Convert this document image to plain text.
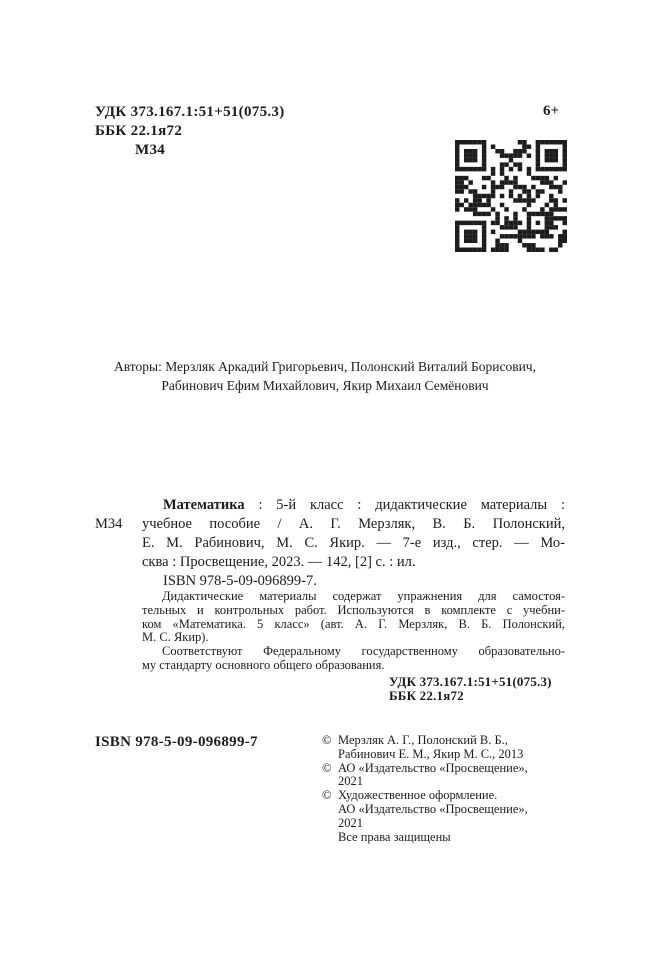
УДК 373.167.1:51+51(075.3)
ББК 22.1я72
М34
6+
Авторы: Мерзляк Аркадий Григорьевич, Полонский Виталий Борисович,
Рабинович Ефим Михайлович, Якир Михаил Семёнович
М34
Математика : 5-й класс : дидактические материалы :
учебное пособие / А. Г. Мерзляк, В. Б. Полонский,
Е. М. Рабинович, М. С. Якир. — 7-е изд., стер. — Мо-
сква : Просвещение, 2023. — 142, [2] с. : ил.
ISBN 978-5-09-096899-7.
Дидактические материалы содержат упражнения для самостоя-
тельных и контрольных работ. Используются в комплекте с учебни-
ком «Математика. 5 класс» (авт. А. Г. Мерзляк, В. Б. Полонский,
М. С. Якир).
Соответствуют Федеральному государственному образовательно-
му стандарту основного общего образования.
УДК 373.167.1:51+51(075.3)
ББК 22.1я72
ISBN 978-5-09-096899-7	© Мерзляк А. Г., Полонский В. Б.,
Рабинович Е. М., Якир М. С., 2013
© АО «Издательство «Просвещение»,
2021
© Художественное оформление.
АО «Издательство «Просвещение»,
2021
Все права защищены
